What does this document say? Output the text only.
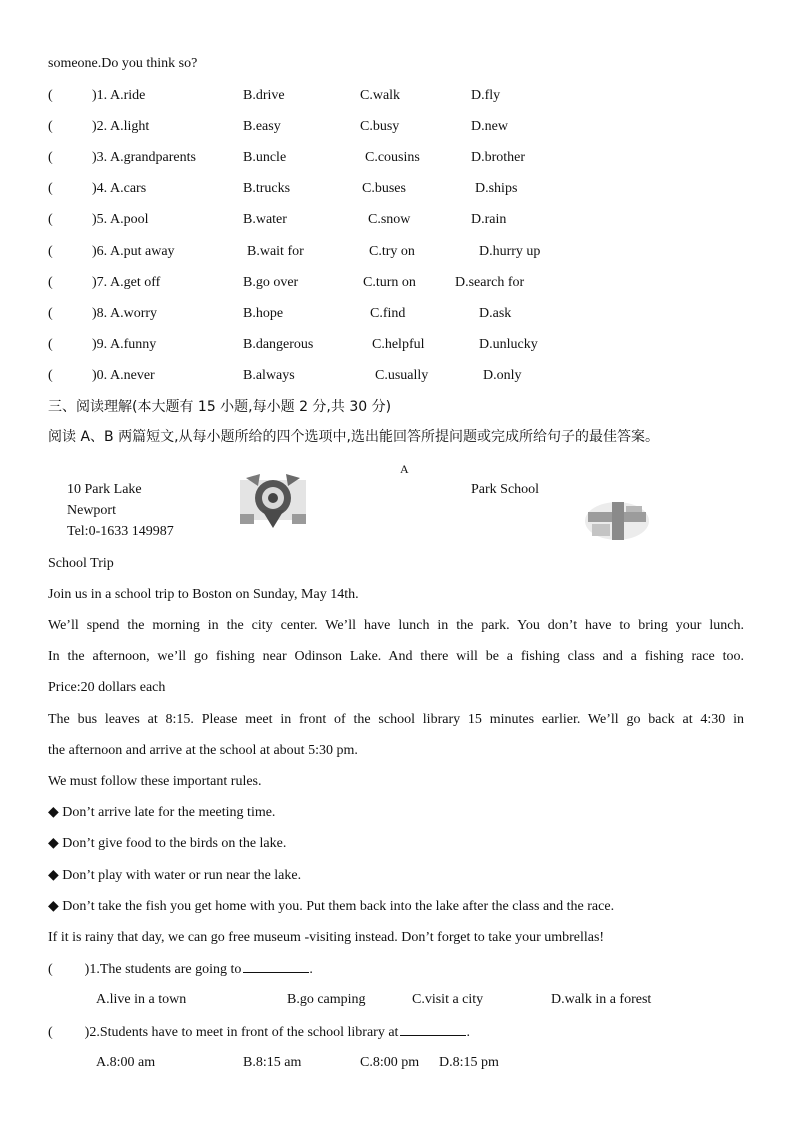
someone.Do you think so?
(	)1. A.ride	B.drive	C.walk	D.fly
(	)2. A.light	B.easy	C.busy	D.new
(	)3. A.grandparents	B.uncle	C.cousins	D.brother
(	)4. A.cars	B.trucks	C.buses	D.ships
(	)5. A.pool	B.water	C.snow	D.rain
(	)6. A.put away	B.wait for	C.try on	D.hurry up
(	)7. A.get off	B.go over	C.turn on	D.search for
(	)8. A.worry	B.hope	C.find	D.ask
(	)9. A.funny	B.dangerous	C.helpful	D.unlucky
(	)0. A.never	B.always	C.usually	D.only
三、阅读理解(本大题有 15 小题,每小题 2 分,共 30 分)
阅读 A、B 两篇短文,从每小题所给的四个选项中,选出能回答所提问题或完成所给句子的最佳答案。
A
10 Park Lake
Newport
Tel:0-1633 149987
Park School
School Trip
Join us in a school trip to Boston on Sunday, May 14th.
We’ll spend the morning in the city center. We’ll have lunch in the park. You don’t have to bring your lunch.
In the afternoon, we’ll go fishing near Odinson Lake. And there will be a fishing class and a fishing race too.
Price:20 dollars each
The bus leaves at 8:15. Please meet in front of the school library 15 minutes earlier. We’ll go back at 4:30 in
the afternoon and arrive at the school at about 5:30 pm.
We must follow these important rules.
◆ Don’t arrive late for the meeting time.
◆ Don’t give food to the birds on the lake.
◆ Don’t play with water or run near the lake.
◆ Don’t take the fish you get home with you. Put them back into the lake after the class and the race.
If it is rainy that day, we can go free museum -visiting instead. Don’t forget to take your umbrellas!
( )1.The students are going to	.
A.live in a town	B.go camping	C.visit a city	D.walk in a forest
( )2.Students have to meet in front of the school library at	.
A.8:00 am	B.8:15 am	C.8:00 pm D.8:15 pm
